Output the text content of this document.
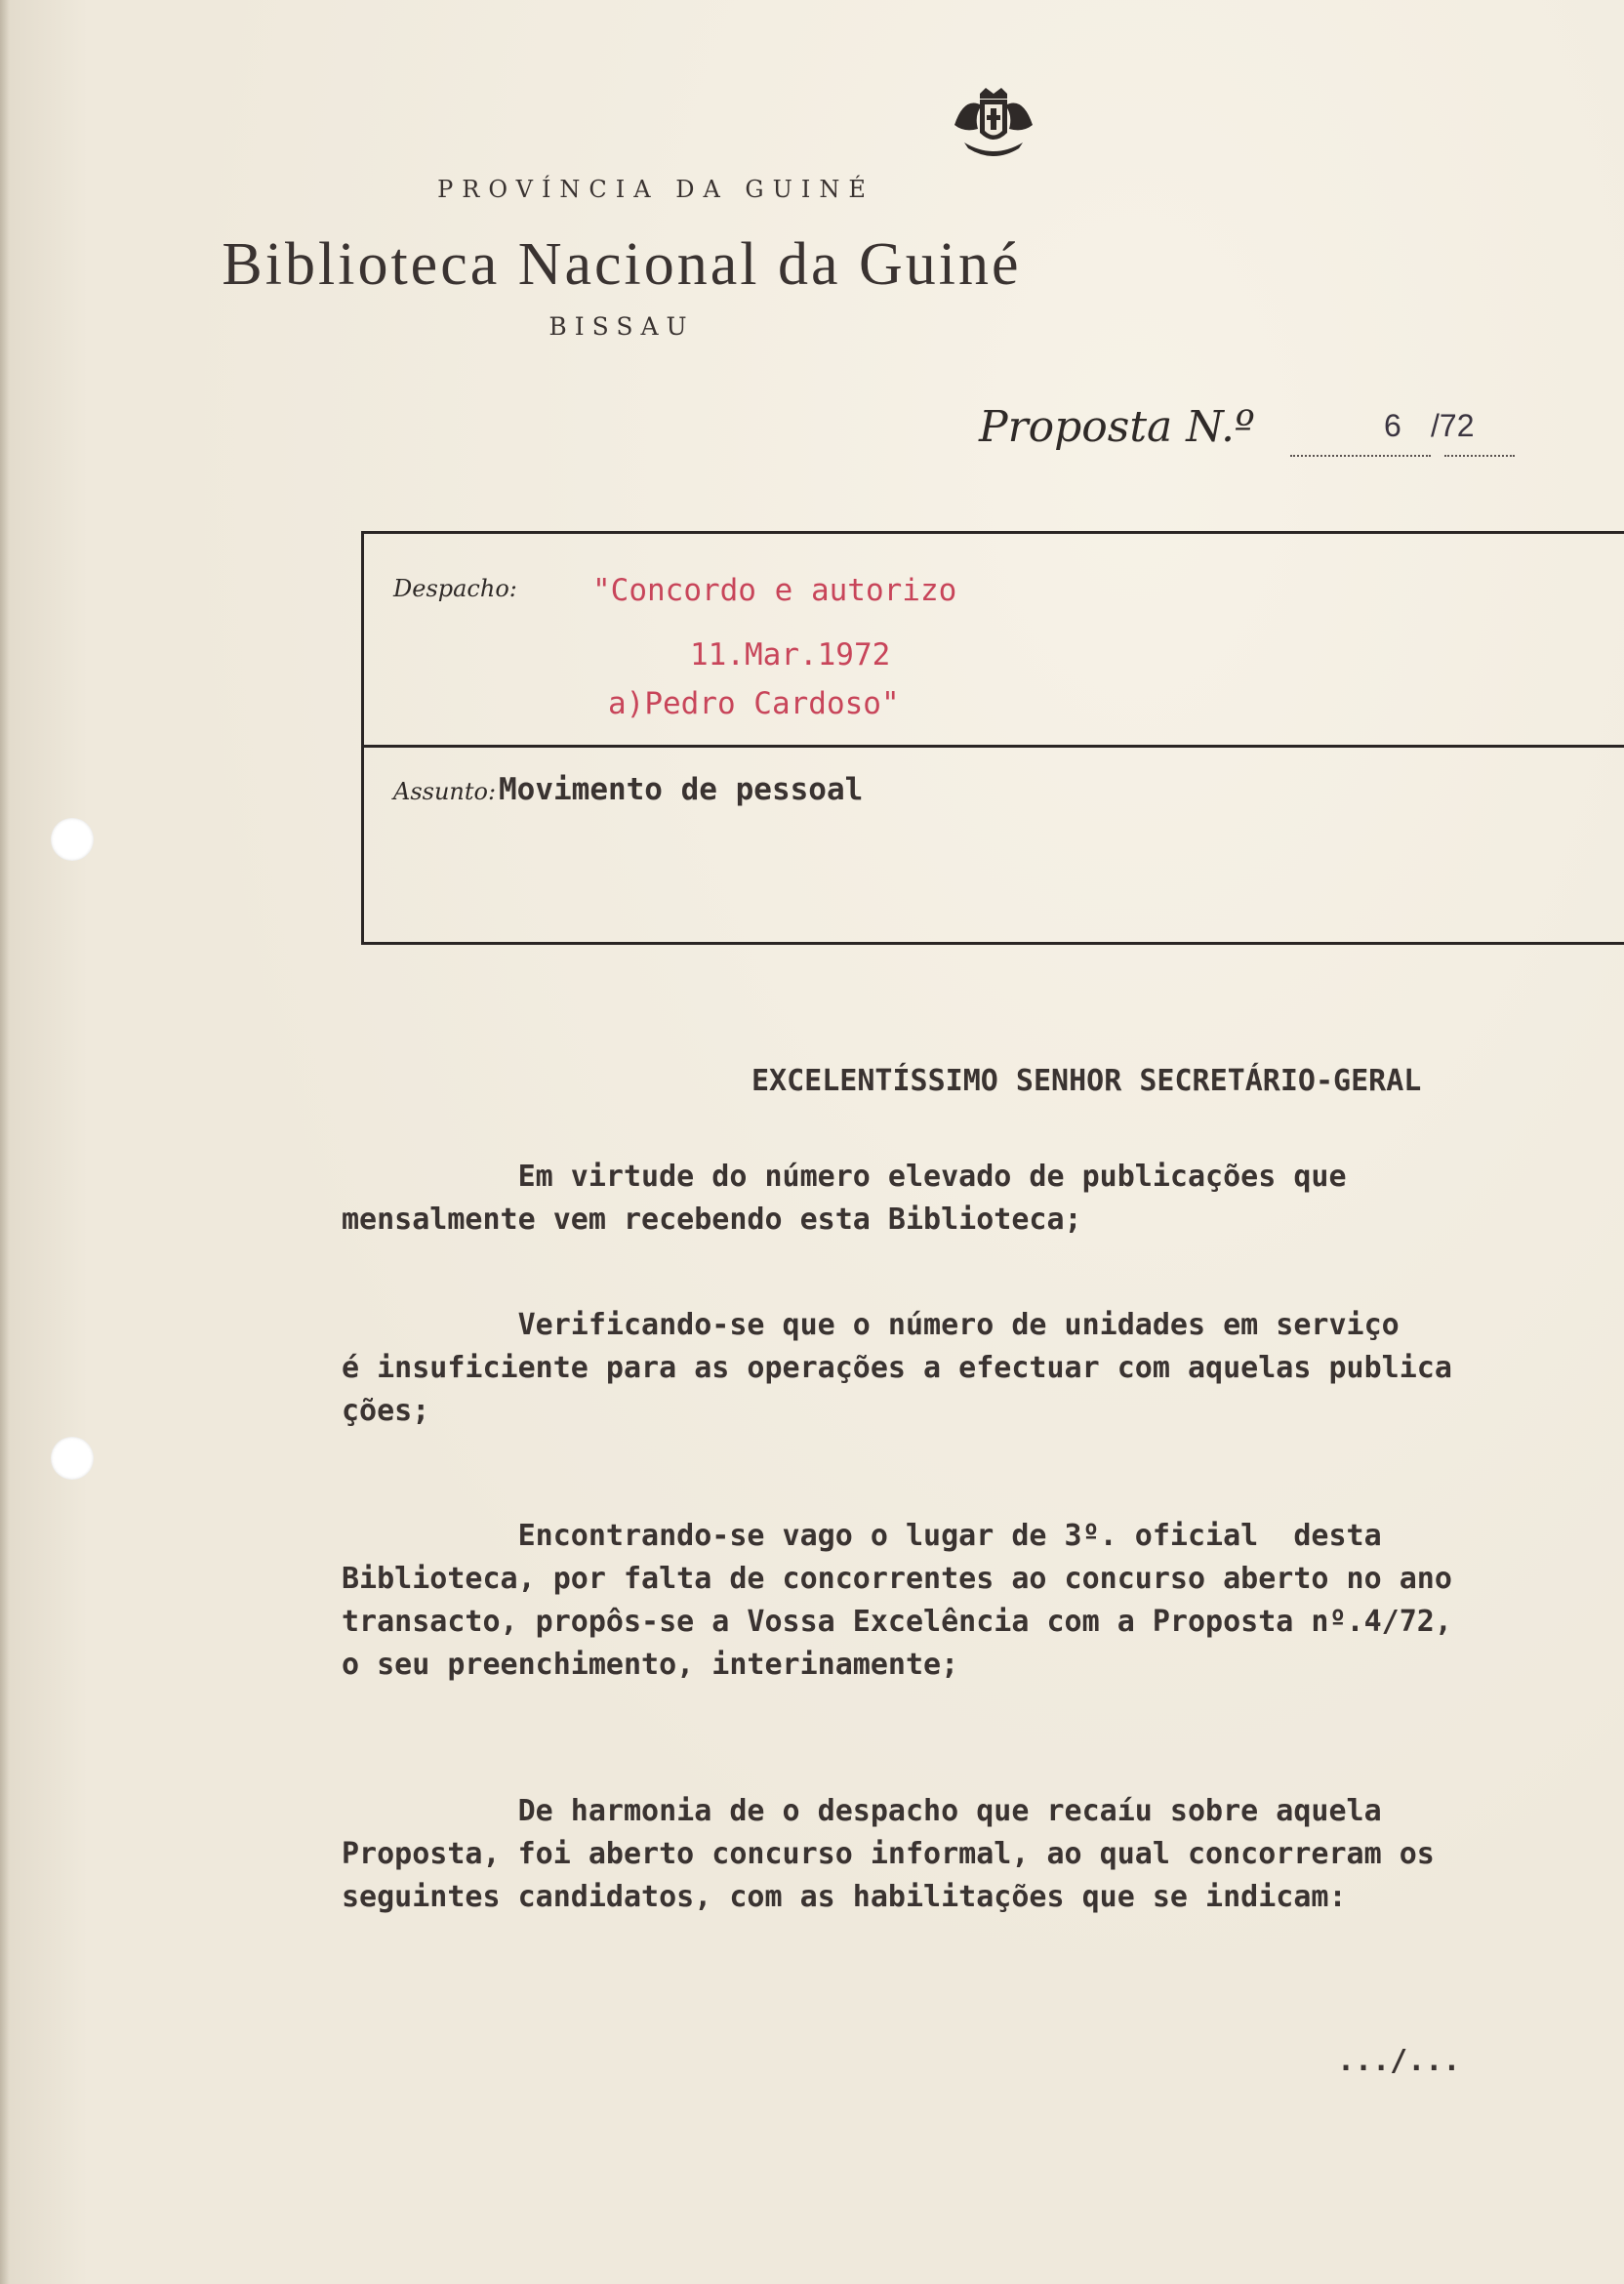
PROVÍNCIA DA GUINÉ
Biblioteca Nacional da Guiné
BISSAU
Proposta N.º	6 /72
Despacho: "Concordo e autorizo
11.Mar.1972
a)Pedro Cardoso"
Assunto: Movimento de pessoal
EXCELENTÍSSIMO SENHOR SECRETÁRIO-GERAL
Em virtude do número elevado de publicações que
mensalmente vem recebendo esta Biblioteca;
Verificando-se que o número de unidades em serviço
é insuficiente para as operações a efectuar com aquelas publica
ções;
Encontrando-se vago o lugar de 3º. oficial  desta
Biblioteca, por falta de concorrentes ao concurso aberto no ano
transacto, propôs-se a Vossa Excelência com a Proposta nº.4/72,
o seu preenchimento, interinamente;
De harmonia de o despacho que recaíu sobre aquela
Proposta, foi aberto concurso informal, ao qual concorreram os
seguintes candidatos, com as habilitações que se indicam:
.../...
